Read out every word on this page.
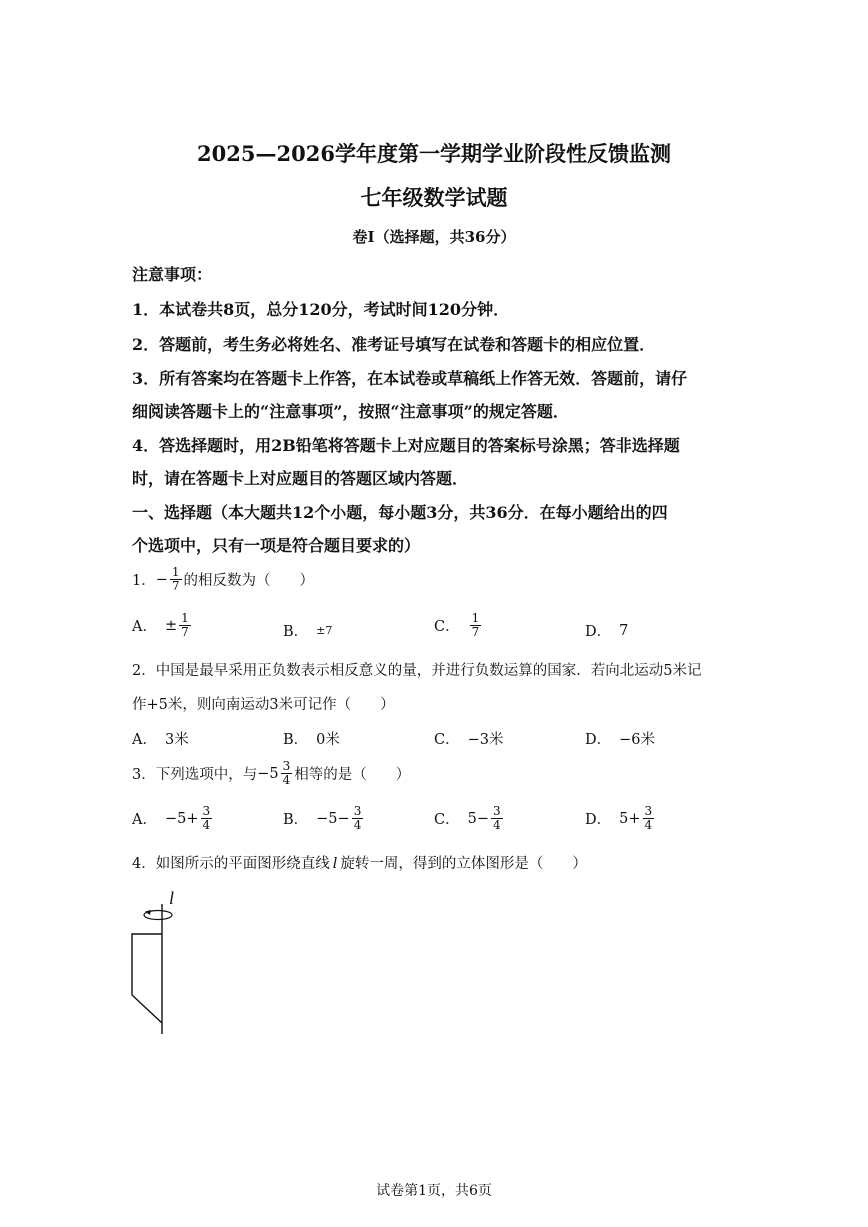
2025—2026学年度第一学期学业阶段性反馈监测
七年级数学试题
卷Ⅰ（选择题，共36分）
注意事项：
1．本试卷共8页，总分120分，考试时间120分钟．
2．答题前，考生务必将姓名、准考证号填写在试卷和答题卡的相应位置．
3．所有答案均在答题卡上作答，在本试卷或草稿纸上作答无效．答题前，请仔
细阅读答题卡上的“注意事项”，按照“注意事项”的规定答题．
4．答选择题时，用2B铅笔将答题卡上对应题目的答案标号涂黑；答非选择题
时，请在答题卡上对应题目的答题区域内答题．
一、选择题（本大题共12个小题，每小题3分，共36分．在每小题给出的四
个选项中，只有一项是符合题目要求的）
1． − $\frac{1}{7}$ 的相反数为（　　）
A． ± $\frac{1}{7}$	B． ±7	C． $\frac{1}{7}$	D． 7
2．中国是最早采用正负数表示相反意义的量，并进行负数运算的国家．若向北运动5米记
作+5米，则向南运动3米可记作（　　）
A． 3米	B． 0米	C． −3米	D． −6米
3．下列选项中，与 $-5 \frac{3}{4}$ 相等的是（　　）
A． $-5+ \frac{3}{4}$	B． $-5- \frac{3}{4}$	C． $5- \frac{3}{4}$	D． $5+ \frac{3}{4}$
4．如图所示的平面图形绕直线 l 旋转一周，得到的立体图形是（　　）
l
试卷第1页，共6页
